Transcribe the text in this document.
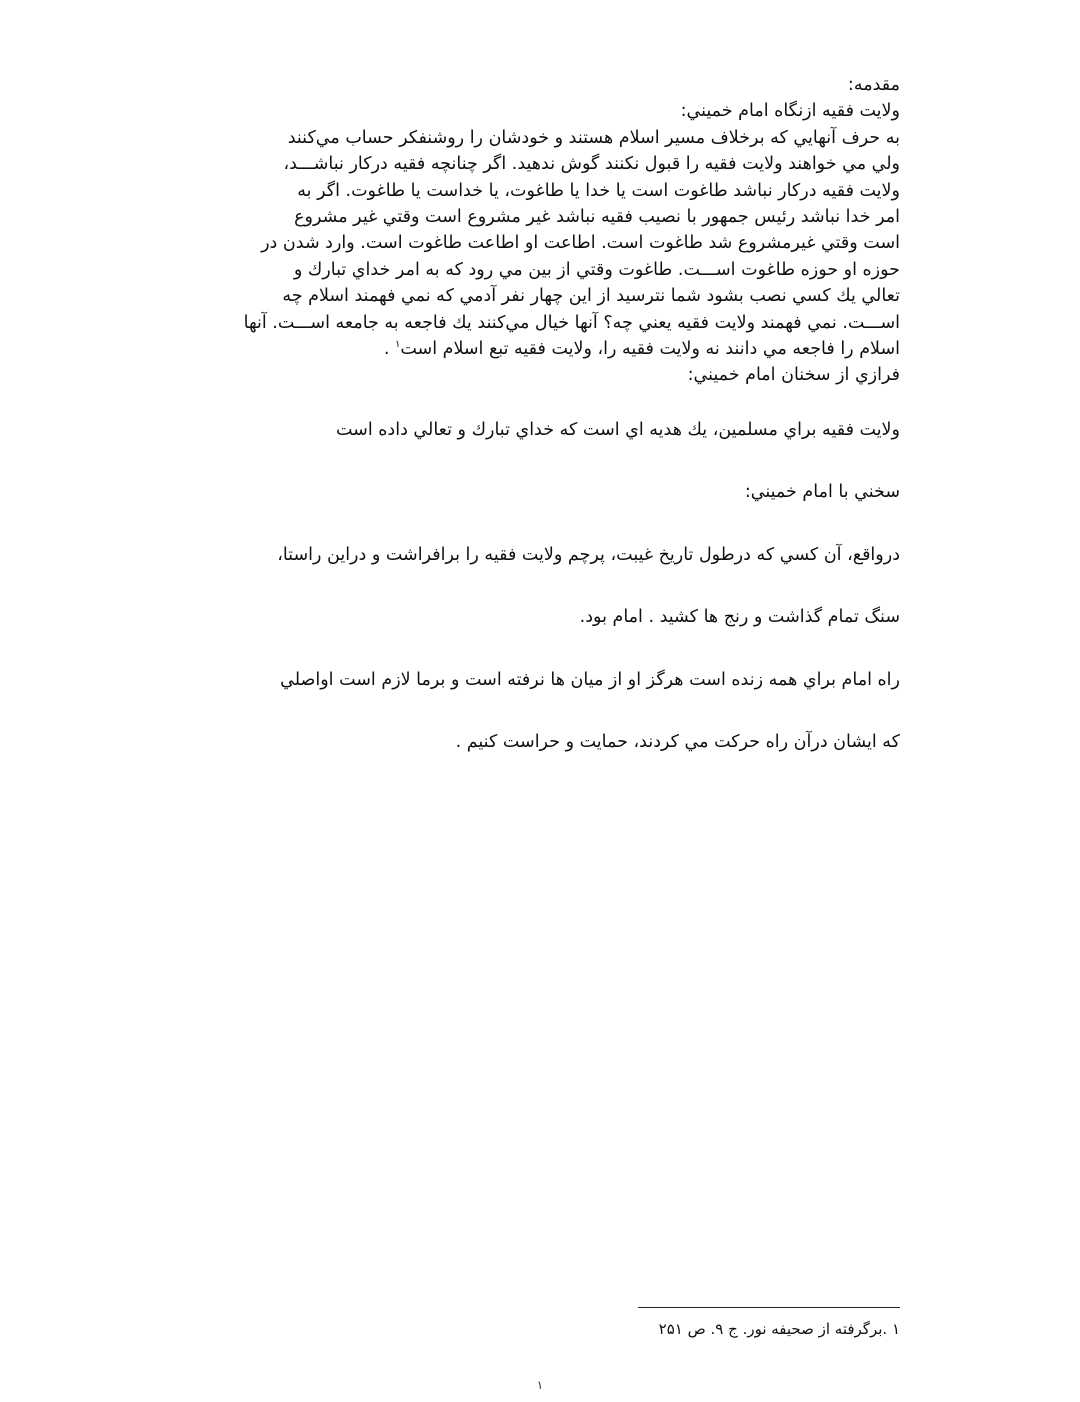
مقدمه:
ولايت فقيه ازنگاه امام خميني:
به حرف آنهايي كه برخلاف مسير اسلام هستند و خودشان را روشنفكر حساب مي‌كنند
ولي مي خواهند ولايت فقيه را قبول نكنند گوش ندهيد. اگر چنانچه فقيه دركار نباشـــد،
ولايت فقيه دركار نباشد طاغوت است يا خدا يا طاغوت، يا خداست يا طاغوت. اگر به
امر خدا نباشد رئيس جمهور با نصيب فقيه نباشد غير مشروع است وقتي غير مشروع
است وقتي غيرمشروع شد طاغوت است. اطاعت او اطاعت طاغوت است. وارد شدن در
حوزه او حوزه طاغوت اســـت. طاغوت وقتي از بين مي رود كه به امر خداي تبارك و
تعالي يك كسي نصب بشود شما نترسيد از اين چهار نفر آدمي كه نمي فهمند اسلام چه
اســـت. نمي فهمند ولايت فقيه يعني چه؟ آنها خيال مي‌كنند يك فاجعه به جامعه اســـت. آنها
اسلام را فاجعه مي دانند نه ولايت فقيه را، ولايت فقيه تبع اسلام است$^۱$ .
فرازي از سخنان امام خميني:
ولايت فقيه براي مسلمين، يك هديه اي است كه خداي تبارك و تعالي داده است
سخني با امام خميني:
درواقع، آن كسي كه درطول تاريخ غيبت، پرچم ولايت فقيه را برافراشت و دراين راستا،
سنگ تمام گذاشت و رنج ها كشيد . امام بود.
راه امام براي همه زنده است هرگز او از ميان ها نرفته است و برما لازم است اواصلي
كه ايشان درآن راه حركت مي كردند، حمايت و حراست كنيم .
۱ .برگرفته از صحيفه نور. ج ۹. ص ۲۵۱
۱
